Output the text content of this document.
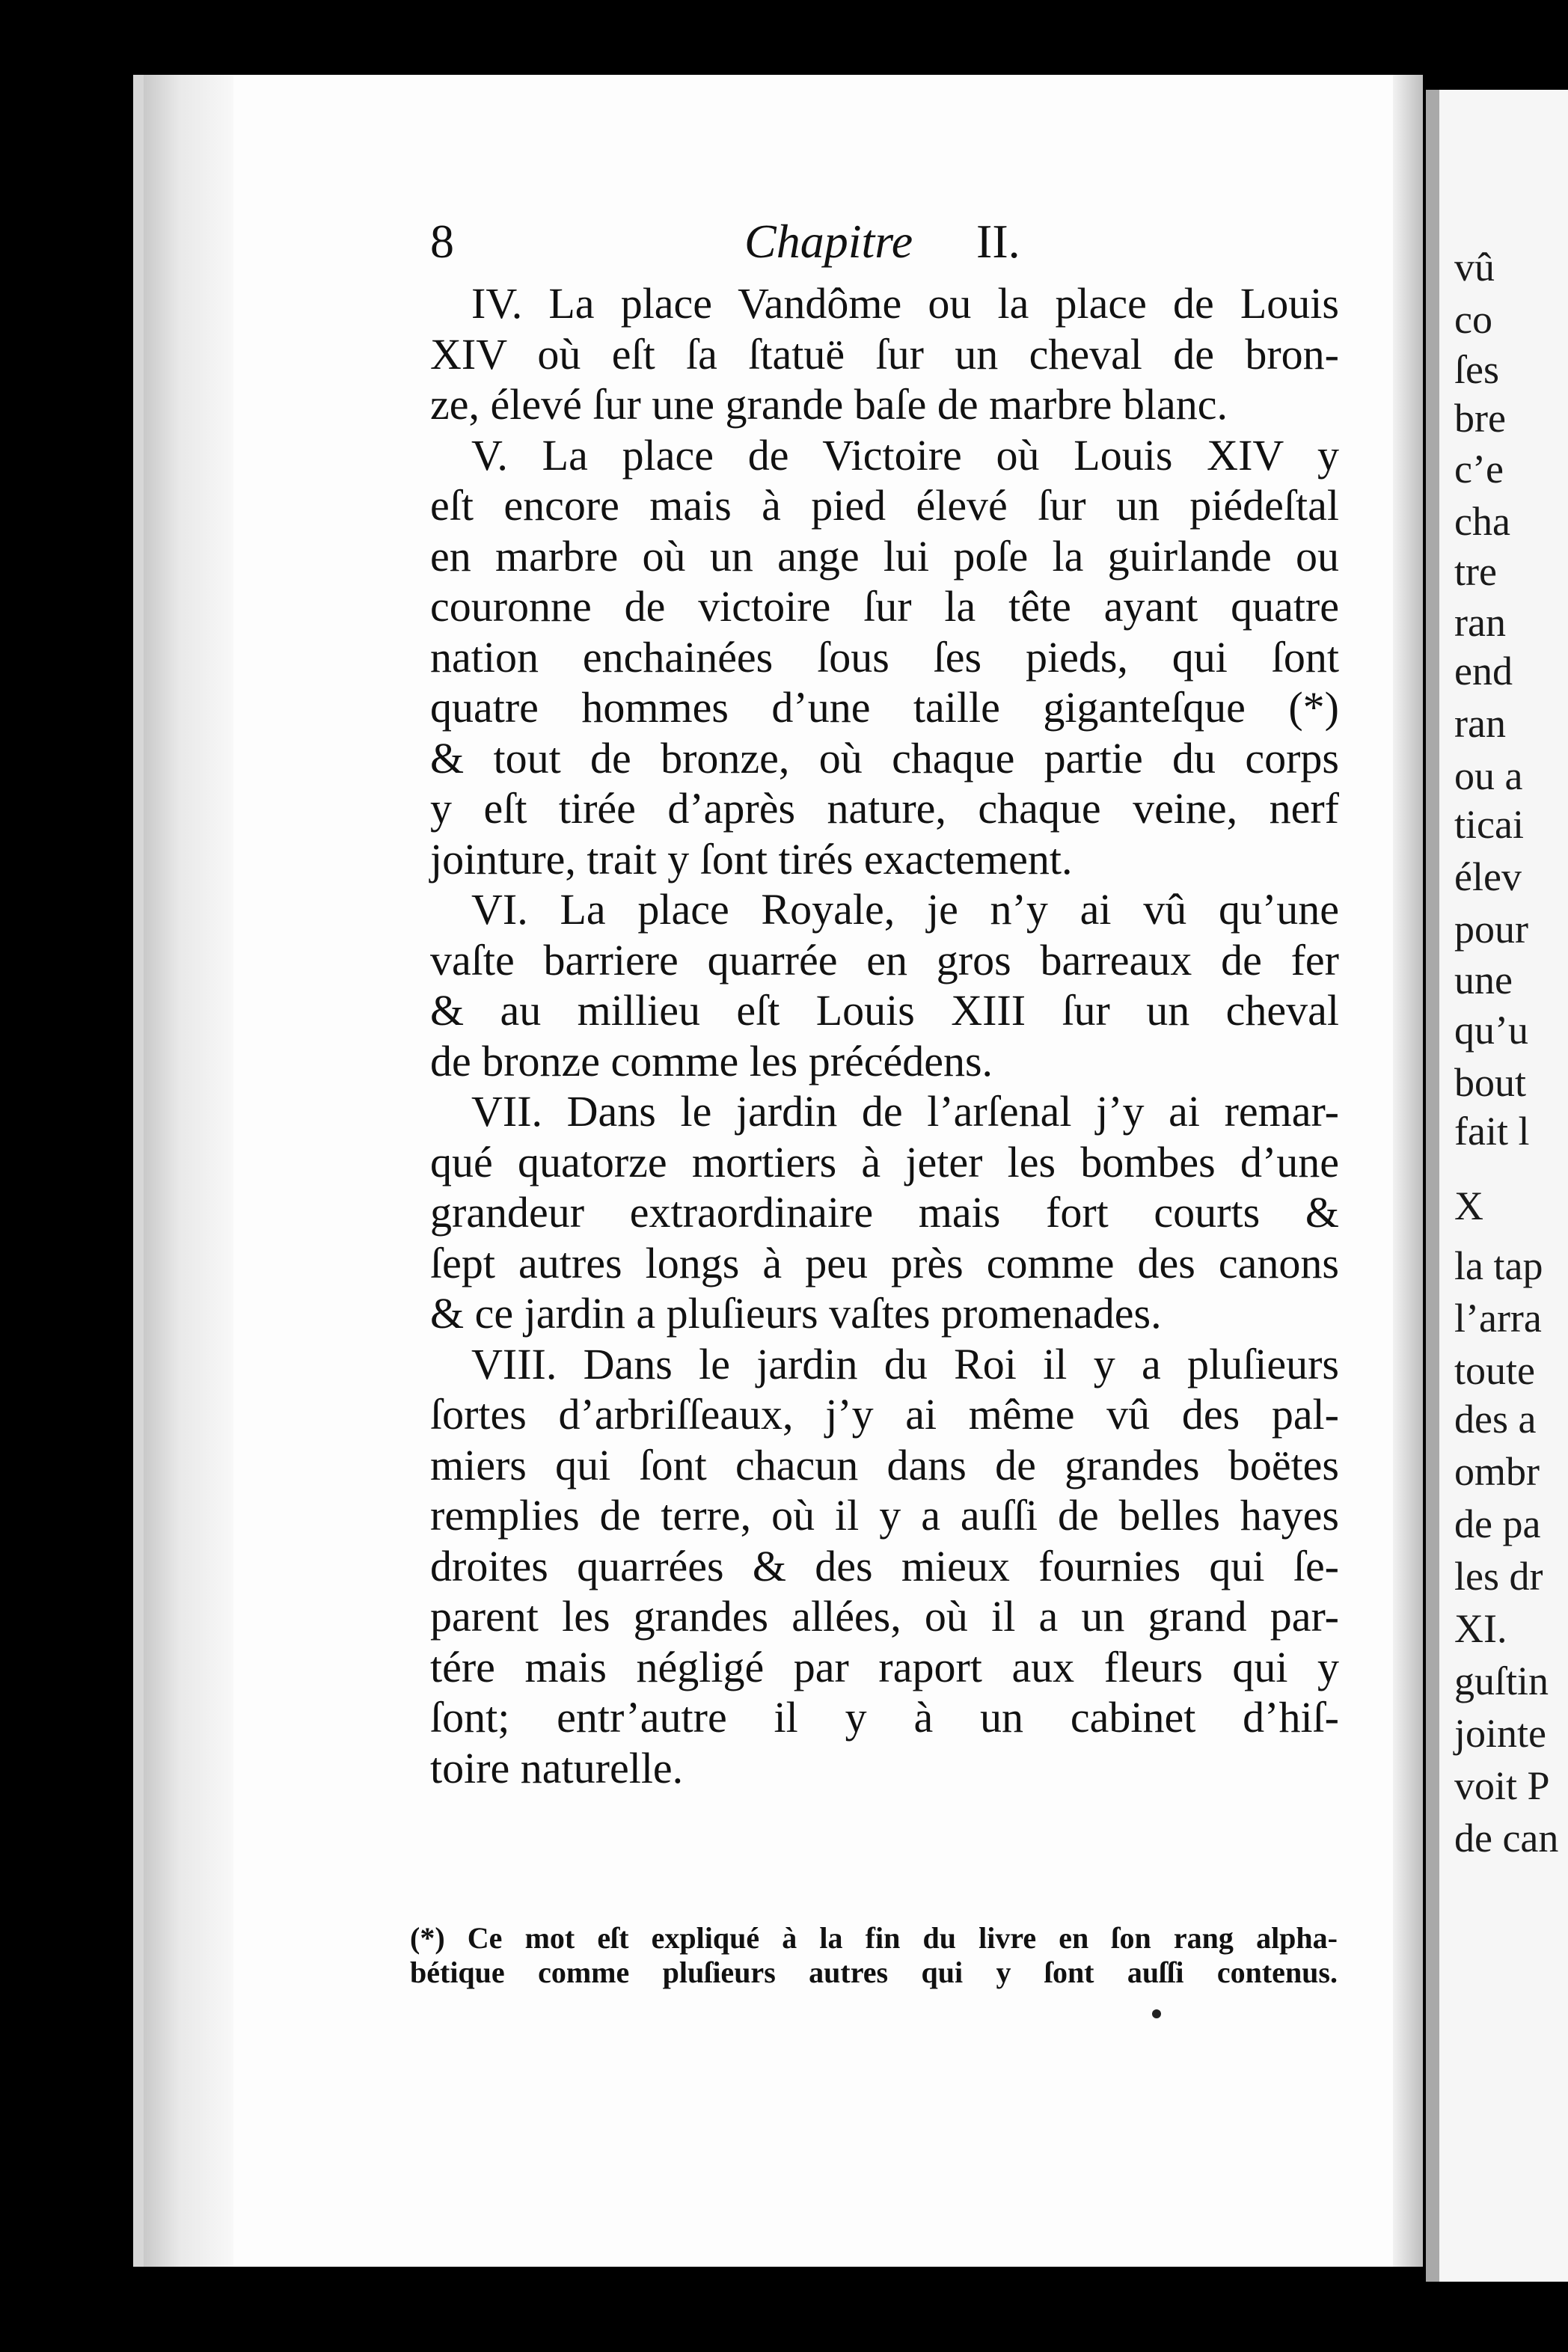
vû
co
ſes
bre
c’e
cha
tre
ran
end
ran
ou a
ticai
élev
pour
une
qu’u
bout
fait l
X
la tap
l’arra
toute
des a
ombr
de pa
les dr
XI.
guſtin
jointe
voit P
de can
8	Chapitre II.
IV. La place Vandôme ou la place de Louis
XIV où eſt ſa ſtatuë ſur un cheval de bron-
ze, élevé ſur une grande baſe de marbre blanc.
V. La place de Victoire où Louis XIV y
eſt encore mais à pied élevé ſur un piédeſtal
en marbre où un ange lui poſe la guirlande ou
couronne de victoire ſur la tête ayant quatre
nation enchainées ſous ſes pieds, qui ſont
quatre hommes d’une taille giganteſque (*)
& tout de bronze, où chaque partie du corps
y eſt tirée d’après nature, chaque veine, nerf
jointure, trait y ſont tirés exactement.
VI. La place Royale, je n’y ai vû qu’une
vaſte barriere quarrée en gros barreaux de fer
& au millieu eſt Louis XIII ſur un cheval
de bronze comme les précédens.
VII. Dans le jardin de l’arſenal j’y ai remar-
qué quatorze mortiers à jeter les bombes d’une
grandeur extraordinaire mais fort courts &
ſept autres longs à peu près comme des canons
& ce jardin a pluſieurs vaſtes promenades.
VIII. Dans le jardin du Roi il y a pluſieurs
ſortes d’arbriſſeaux, j’y ai même vû des pal-
miers qui ſont chacun dans de grandes boëtes
remplies de terre, où il y a auſſi de belles hayes
droites quarrées & des mieux fournies qui ſe-
parent les grandes allées, où il a un grand par-
tére mais négligé par raport aux fleurs qui y
ſont; entr’autre il y à un cabinet d’hiſ-
toire naturelle.
(*) Ce mot eſt expliqué à la fin du livre en ſon rang alpha-
bétique comme pluſieurs autres qui y ſont auſſi contenus.
